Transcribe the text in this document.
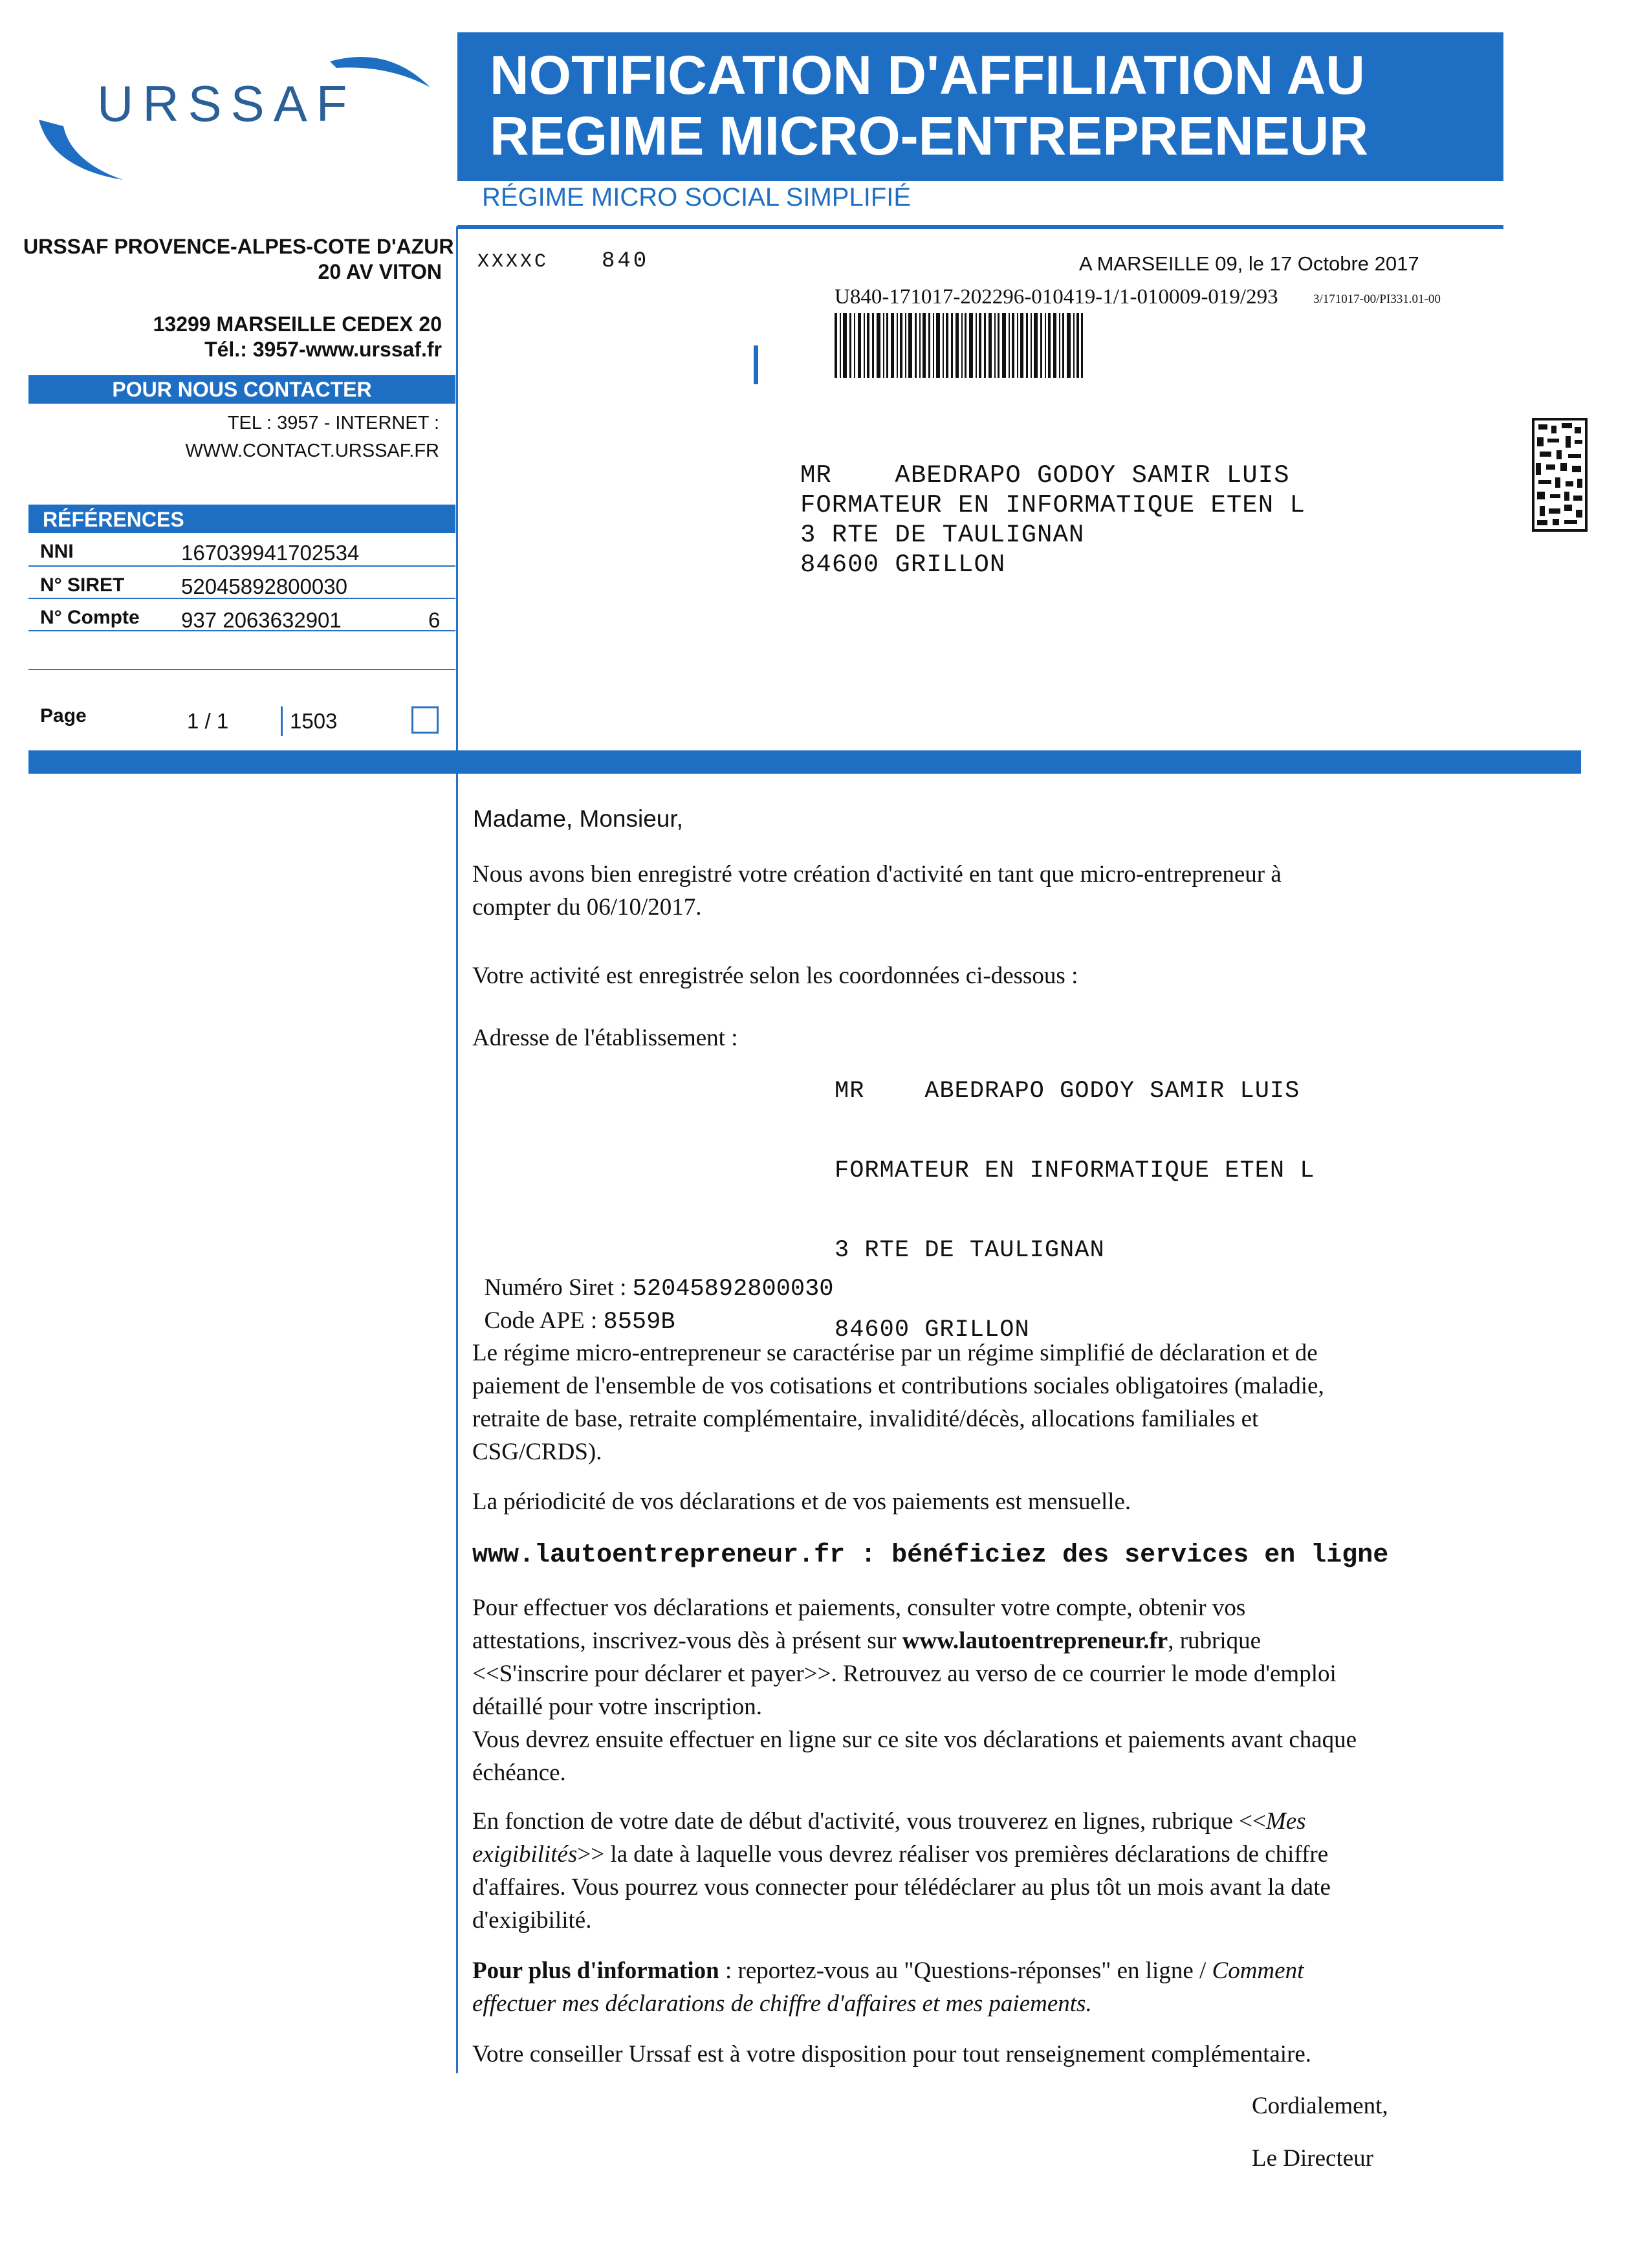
URSSAF NOTIFICATION D'AFFILIATION AU
REGIME MICRO-ENTREPRENEUR
RÉGIME MICRO SOCIAL SIMPLIFIÉ
URSSAF PROVENCE-ALPES-COTE D'AZUR
20 AV VITON
13299 MARSEILLE CEDEX 20
Tél.: 3957-www.urssaf.fr
POUR NOUS CONTACTER
TEL : 3957 - INTERNET :
WWW.CONTACT.URSSAF.FR
RÉFÉRENCES
NNI	167039941702534
N° SIRET	52045892800030
N° Compte 937 2063632901	6
Page	1 / 1	1503
XXXXC 840	A MARSEILLE 09, le 17 Octobre 2017
U840-171017-202296-010419-1/1-010009-019/293	3/171017-00/PI331.01-00
MR    ABEDRAPO GODOY SAMIR LUIS
FORMATEUR EN INFORMATIQUE ETEN L
3 RTE DE TAULIGNAN
84600 GRILLON
Madame, Monsieur,
Nous avons bien enregistré votre création d'activité en tant que micro-entrepreneur à
compter du 06/10/2017.
Votre activité est enregistrée selon les coordonnées ci-dessous :
Adresse de l'établissement :

MR    ABEDRAPO GODOY SAMIR LUIS

FORMATEUR EN INFORMATIQUE ETEN L

3 RTE DE TAULIGNAN

84600 GRILLON

Numéro Siret : 52045892800030

Code APE : 8559B

Le régime micro-entrepreneur se caractérise par un régime simplifié de déclaration et de
paiement de l'ensemble de vos cotisations et contributions sociales obligatoires (maladie,
retraite de base, retraite complémentaire, invalidité/décès, allocations familiales et
CSG/CRDS).
La périodicité de vos déclarations et de vos paiements est mensuelle.
www.lautoentrepreneur.fr : bénéficiez des services en ligne
Pour effectuer vos déclarations et paiements, consulter votre compte, obtenir vos
attestations, inscrivez-vous dès à présent sur www.lautoentrepreneur.fr, rubrique
<<S'inscrire pour déclarer et payer>>. Retrouvez au verso de ce courrier le mode d'emploi
détaillé pour votre inscription.
Vous devrez ensuite effectuer en ligne sur ce site vos déclarations et paiements avant chaque
échéance.
En fonction de votre date de début d'activité, vous trouverez en lignes, rubrique <<Mes
exigibilités>> la date à laquelle vous devrez réaliser vos premières déclarations de chiffre
d'affaires. Vous pourrez vous connecter pour télédéclarer au plus tôt un mois avant la date
d'exigibilité.
Pour plus d'information : reportez-vous au "Questions-réponses" en ligne / Comment
effectuer mes déclarations de chiffre d'affaires et mes paiements.
Votre conseiller Urssaf est à votre disposition pour tout renseignement complémentaire.
Cordialement,
Le Directeur
